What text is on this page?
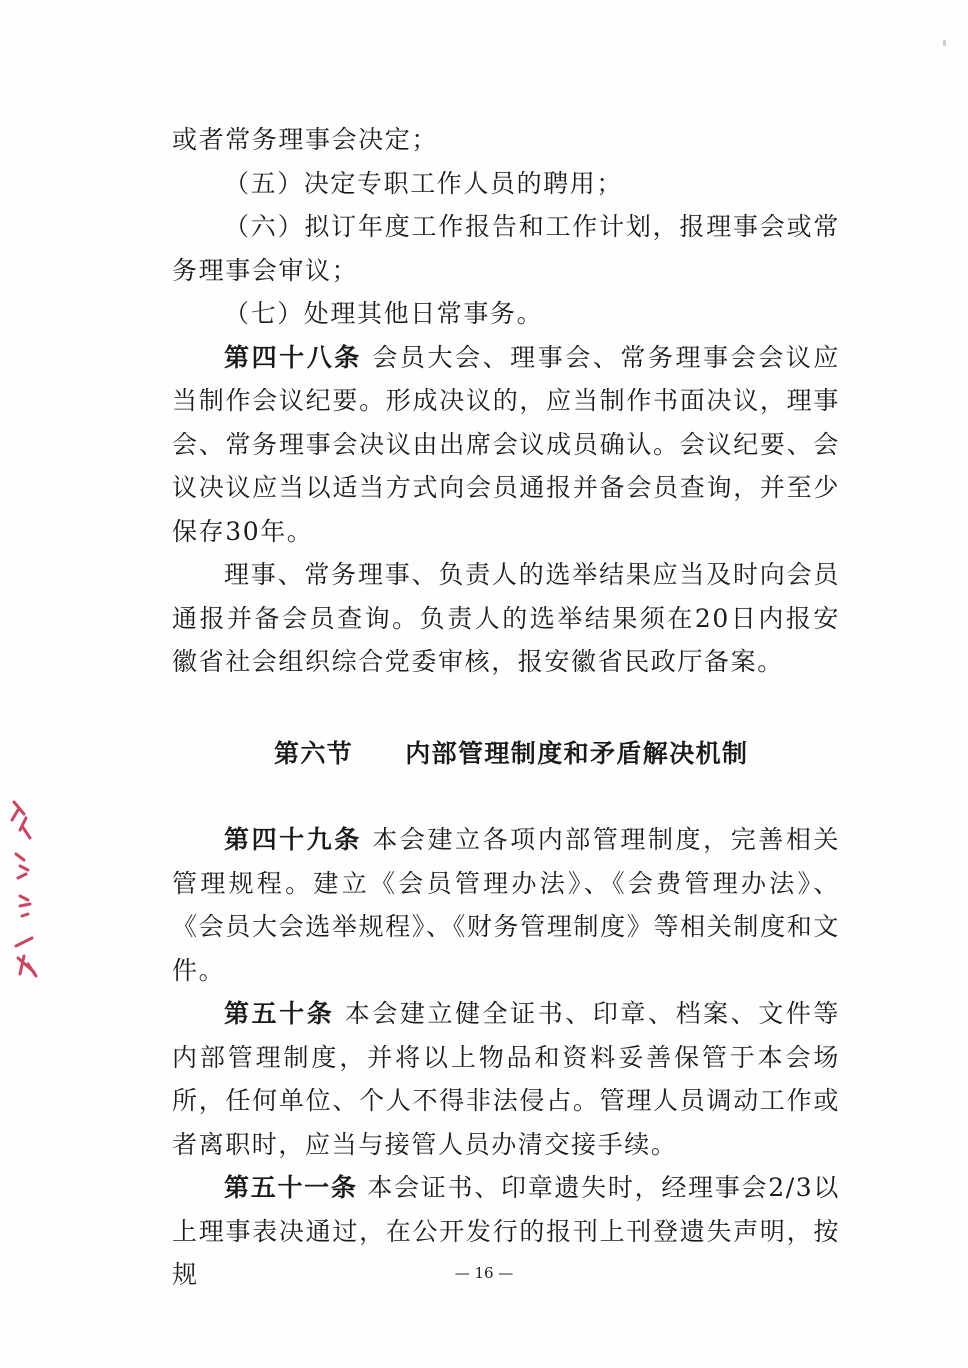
或者常务理事会决定；

（五）决定专职工作人员的聘用；

（六）拟订年度工作报告和工作计划，报理事会或常务理事会审议；

（七）处理其他日常事务。

第四十八条 会员大会、理事会、常务理事会会议应当制作会议纪要。形成决议的，应当制作书面决议，理事会、常务理事会决议由出席会议成员确认。会议纪要、会议决议应当以适当方式向会员通报并备会员查询，并至少保存30年。

理事、常务理事、负责人的选举结果应当及时向会员通报并备会员查询。负责人的选举结果须在20日内报安徽省社会组织综合党委审核，报安徽省民政厅备案。

第六节 内部管理制度和矛盾解决机制

第四十九条 本会建立各项内部管理制度，完善相关管理规程。建立《会员管理办法》、《会费管理办法》、《会员大会选举规程》、《财务管理制度》等相关制度和文件。

第五十条 本会建立健全证书、印章、档案、文件等内部管理制度，并将以上物品和资料妥善保管于本会场所，任何单位、个人不得非法侵占。管理人员调动工作或者离职时，应当与接管人员办清交接手续。

第五十一条 本会证书、印章遗失时，经理事会2/3以上理事表决通过，在公开发行的报刊上刊登遗失声明，按规	— 16 —
